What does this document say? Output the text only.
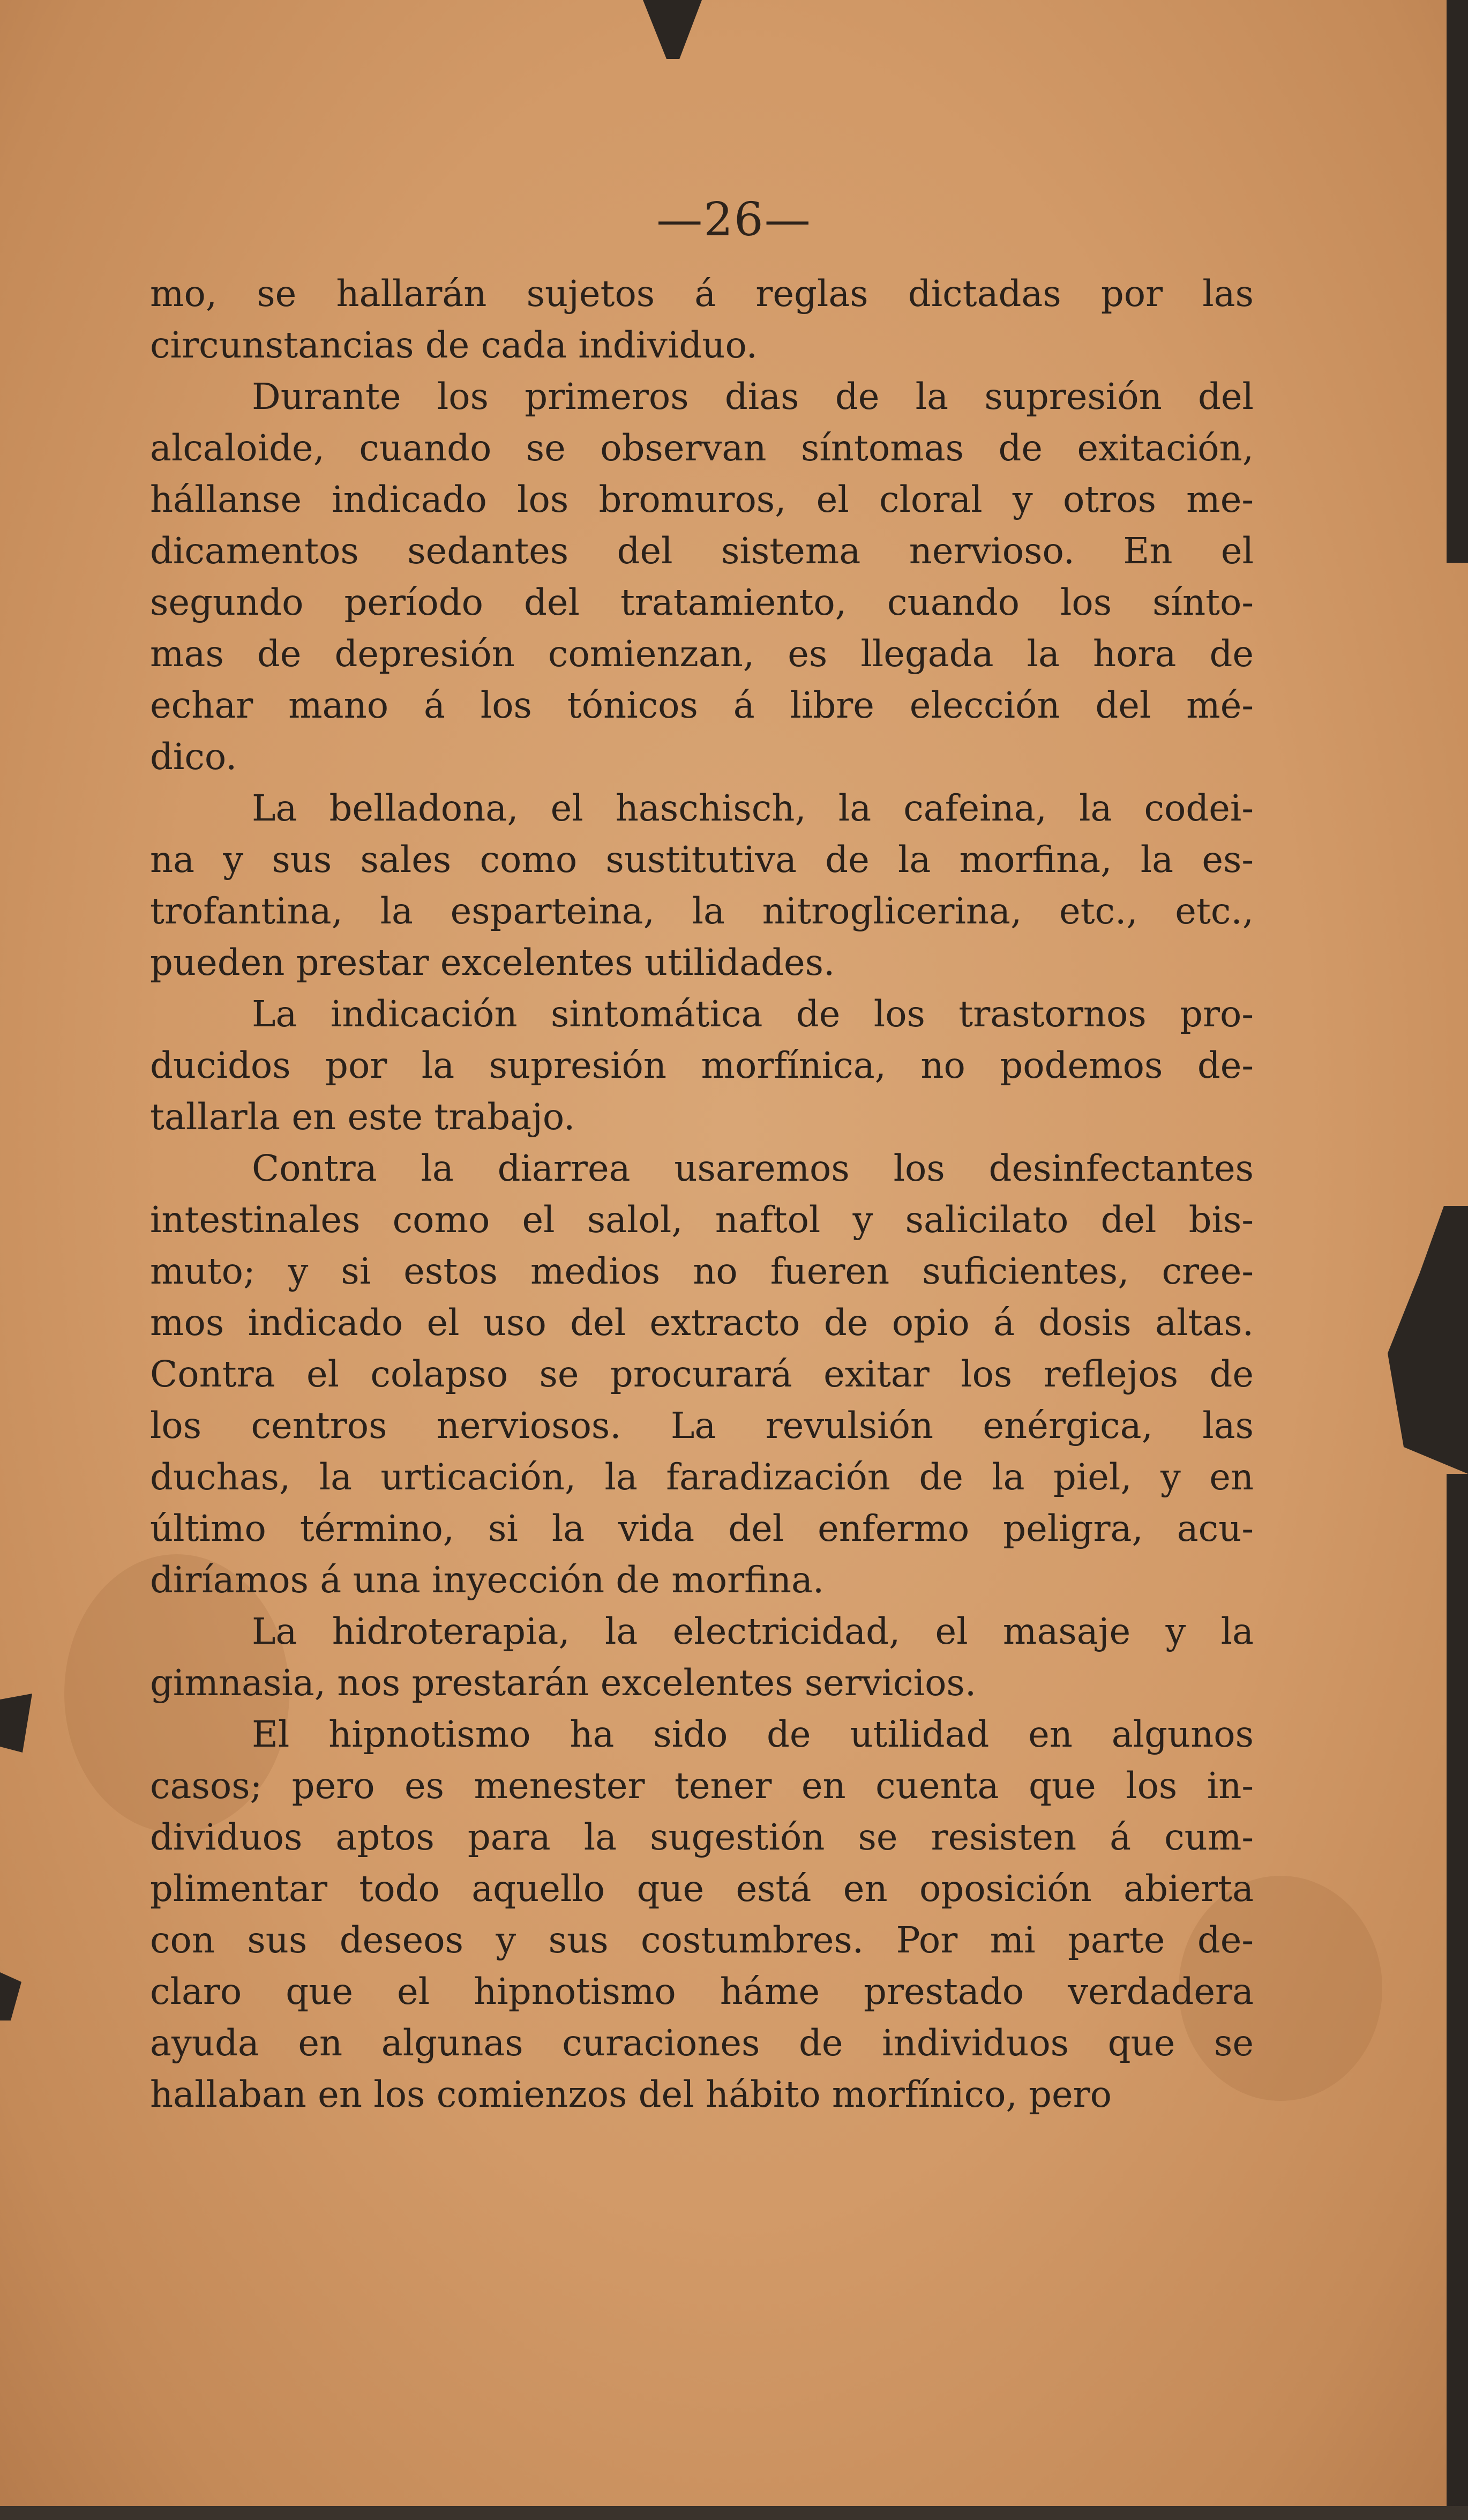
—26—
mo, se hallarán sujetos á reglas dictadas por las
circunstancias de cada individuo.
Durante los primeros dias de la supresión del
alcaloide, cuando se observan síntomas de exitación,
hállanse indicado los bromuros, el cloral y otros me-
dicamentos sedantes del sistema nervioso. En el
segundo período del tratamiento, cuando los sínto-
mas de depresión comienzan, es llegada la hora de
echar mano á los tónicos á libre elección del mé-
dico.
La belladona, el haschisch, la cafeina, la codei-
na y sus sales como sustitutiva de la morfina, la es-
trofantina, la esparteina, la nitroglicerina, etc., etc.,
pueden prestar excelentes utilidades.
La indicación sintomática de los trastornos pro-
ducidos por la supresión morfínica, no podemos de-
tallarla en este trabajo.
Contra la diarrea usaremos los desinfectantes
intestinales como el salol, naftol y salicilato del bis-
muto; y si estos medios no fueren suficientes, cree-
mos indicado el uso del extracto de opio á dosis altas.
Contra el colapso se procurará exitar los reflejos de
los centros nerviosos. La revulsión enérgica, las
duchas, la urticación, la faradización de la piel, y en
último término, si la vida del enfermo peligra, acu-
diríamos á una inyección de morfina.
La hidroterapia, la electricidad, el masaje y la
gimnasia, nos prestarán excelentes servicios.
El hipnotismo ha sido de utilidad en algunos
casos; pero es menester tener en cuenta que los in-
dividuos aptos para la sugestión se resisten á cum-
plimentar todo aquello que está en oposición abierta
con sus deseos y sus costumbres. Por mi parte de-
claro que el hipnotismo háme prestado verdadera
ayuda en algunas curaciones de individuos que se
hallaban en los comienzos del hábito morfínico, pero
